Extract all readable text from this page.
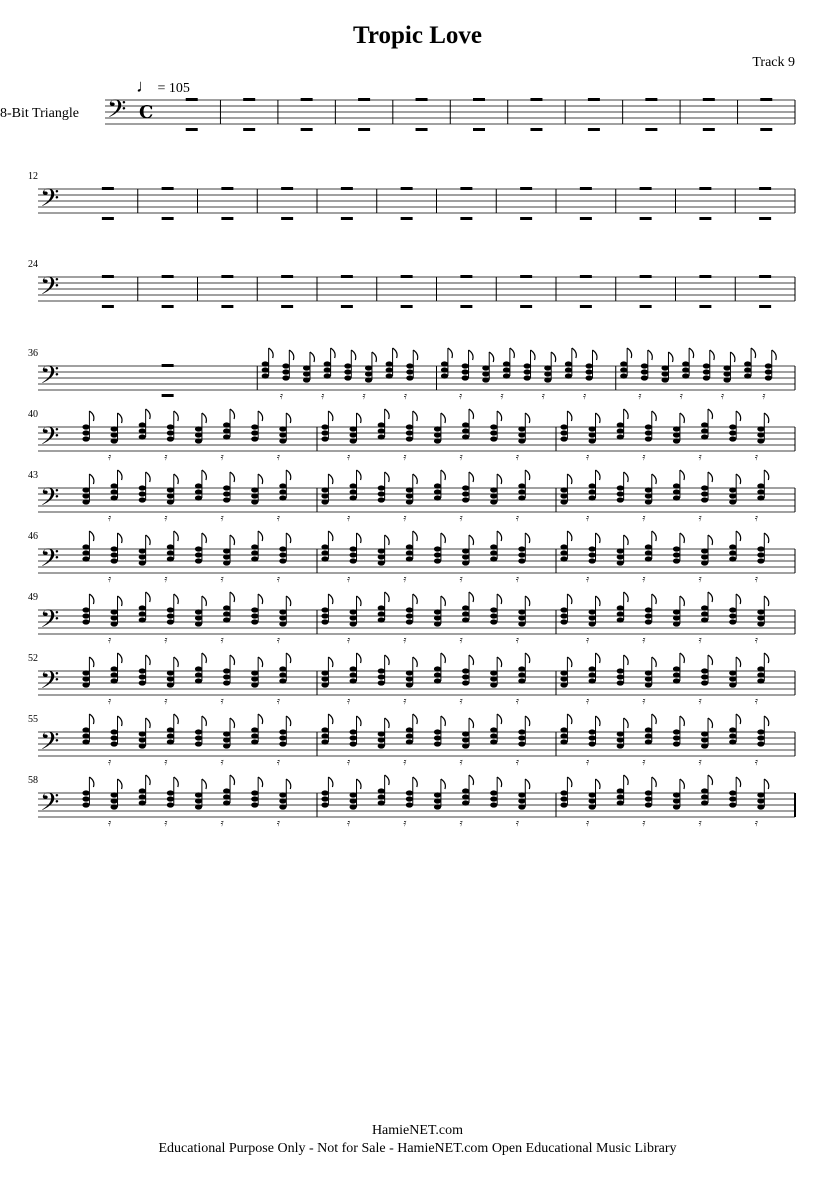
Tropic Love
Track 9
♩ = 105
8-Bit Triangle 𝄢 C
𝄢
12
𝄢
24
𝄢
36
𝄿	𝄿	𝄿	𝄿	𝄿	𝄿	𝄿	𝄿	𝄿	𝄿	𝄿	𝄿
𝄢
40
𝄿	𝄿	𝄿	𝄿	𝄿	𝄿	𝄿	𝄿	𝄿	𝄿	𝄿	𝄿
𝄢
43
𝄿	𝄿	𝄿	𝄿	𝄿	𝄿	𝄿	𝄿	𝄿	𝄿	𝄿	𝄿
𝄢
46
𝄿	𝄿	𝄿	𝄿	𝄿	𝄿	𝄿	𝄿	𝄿	𝄿	𝄿	𝄿
𝄢
49
𝄿	𝄿	𝄿	𝄿	𝄿	𝄿	𝄿	𝄿	𝄿	𝄿	𝄿	𝄿
𝄢
52
𝄿	𝄿	𝄿	𝄿	𝄿	𝄿	𝄿	𝄿	𝄿	𝄿	𝄿	𝄿
𝄢
55
𝄿	𝄿	𝄿	𝄿	𝄿	𝄿	𝄿	𝄿	𝄿	𝄿	𝄿	𝄿
𝄢
58
𝄿	𝄿	𝄿	𝄿	𝄿	𝄿	𝄿	𝄿	𝄿	𝄿	𝄿	𝄿
HamieNET.com
Educational Purpose Only - Not for Sale - HamieNET.com Open Educational Music Library
